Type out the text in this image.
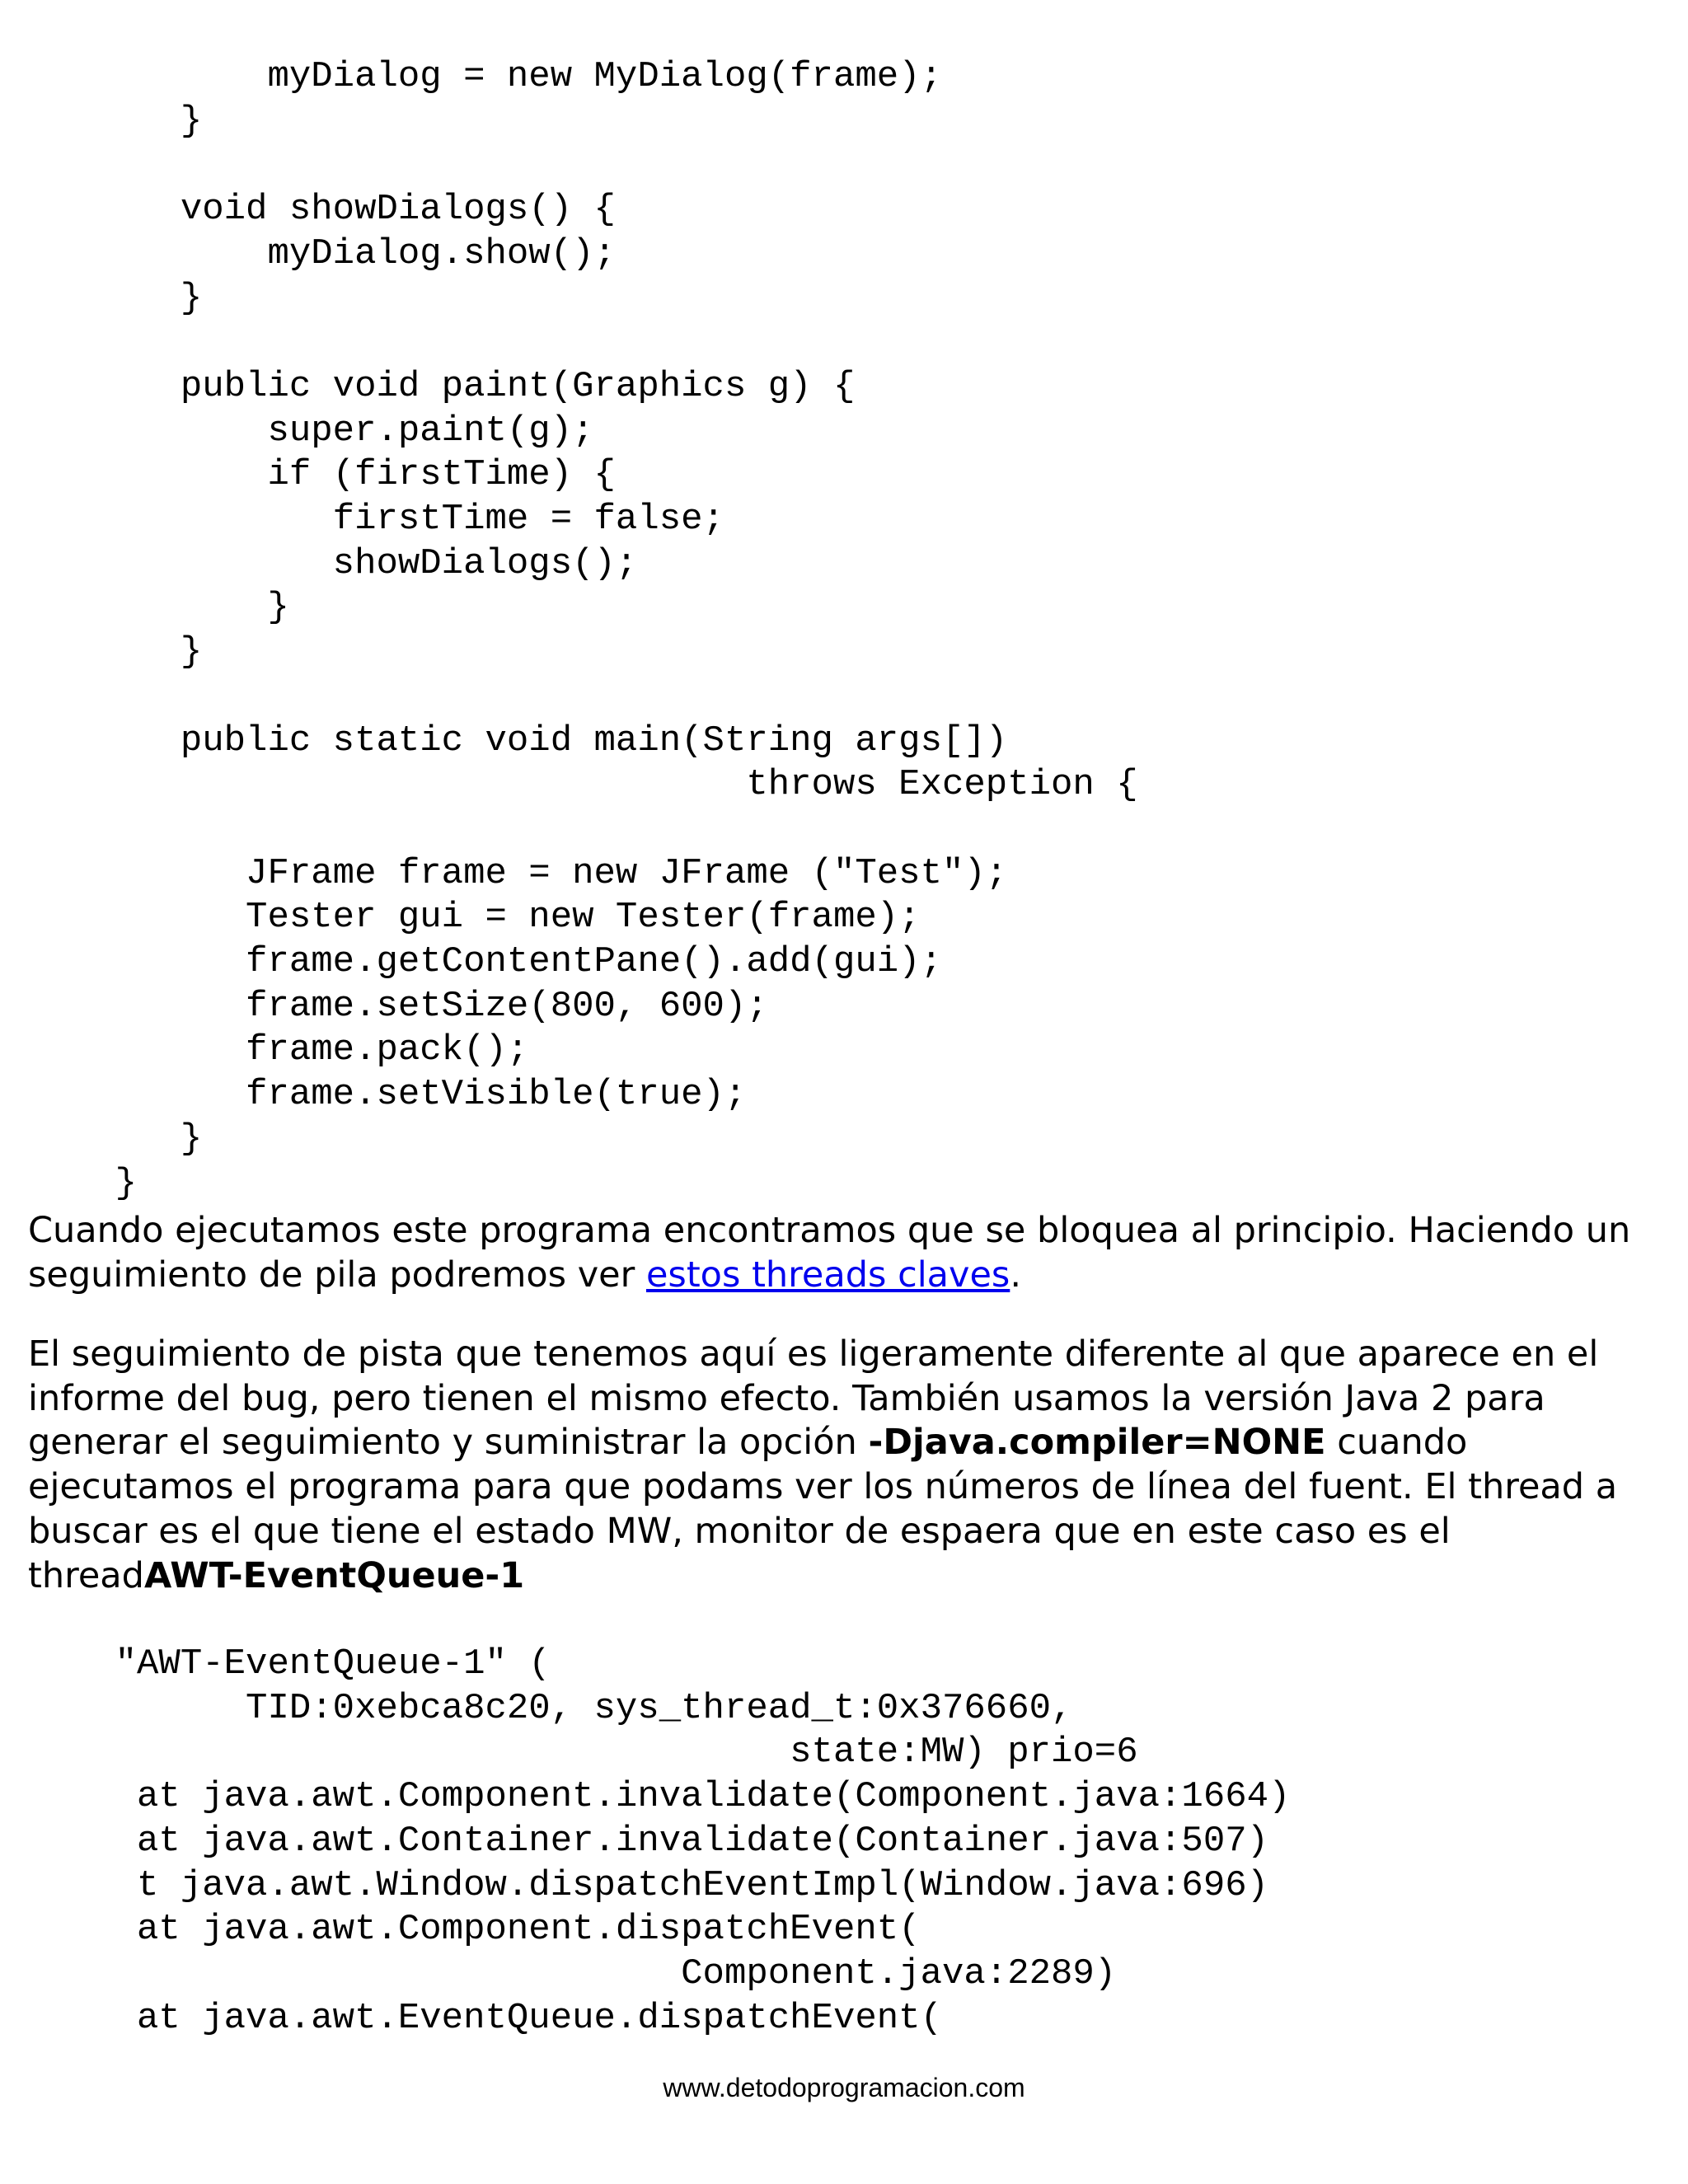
myDialog = new MyDialog(frame);
}

void showDialogs() {
myDialog.show();
}

public void paint(Graphics g) {
super.paint(g);
if (firstTime) {
firstTime = false;
showDialogs();
}
}

public static void main(String args[])
throws Exception {

JFrame frame = new JFrame ("Test");
Tester gui = new Tester(frame);
frame.getContentPane().add(gui);
frame.setSize(800, 600);
frame.pack();
frame.setVisible(true);
}
}

Cuando ejecutamos este programa encontramos que se bloquea al principio. Haciendo un seguimiento de pila podremos ver estos threads claves.

El seguimiento de pista que tenemos aquí es ligeramente diferente al que aparece en el informe del bug, pero tienen el mismo efecto. También usamos la versión Java 2 para generar el seguimiento y suministrar la opción -Djava.compiler=NONE cuando ejecutamos el programa para que podams ver los números de línea del fuent. El thread a buscar es el que tiene el estado MW, monitor de espaera que en este caso es el threadAWT-EventQueue-1

"AWT-EventQueue-1" (
TID:0xebca8c20, sys_thread_t:0x376660,
state:MW) prio=6
at java.awt.Component.invalidate(Component.java:1664)
at java.awt.Container.invalidate(Container.java:507)
t java.awt.Window.dispatchEventImpl(Window.java:696)
at java.awt.Component.dispatchEvent(
Component.java:2289)
at java.awt.EventQueue.dispatchEvent(
www.detodoprogramacion.com
